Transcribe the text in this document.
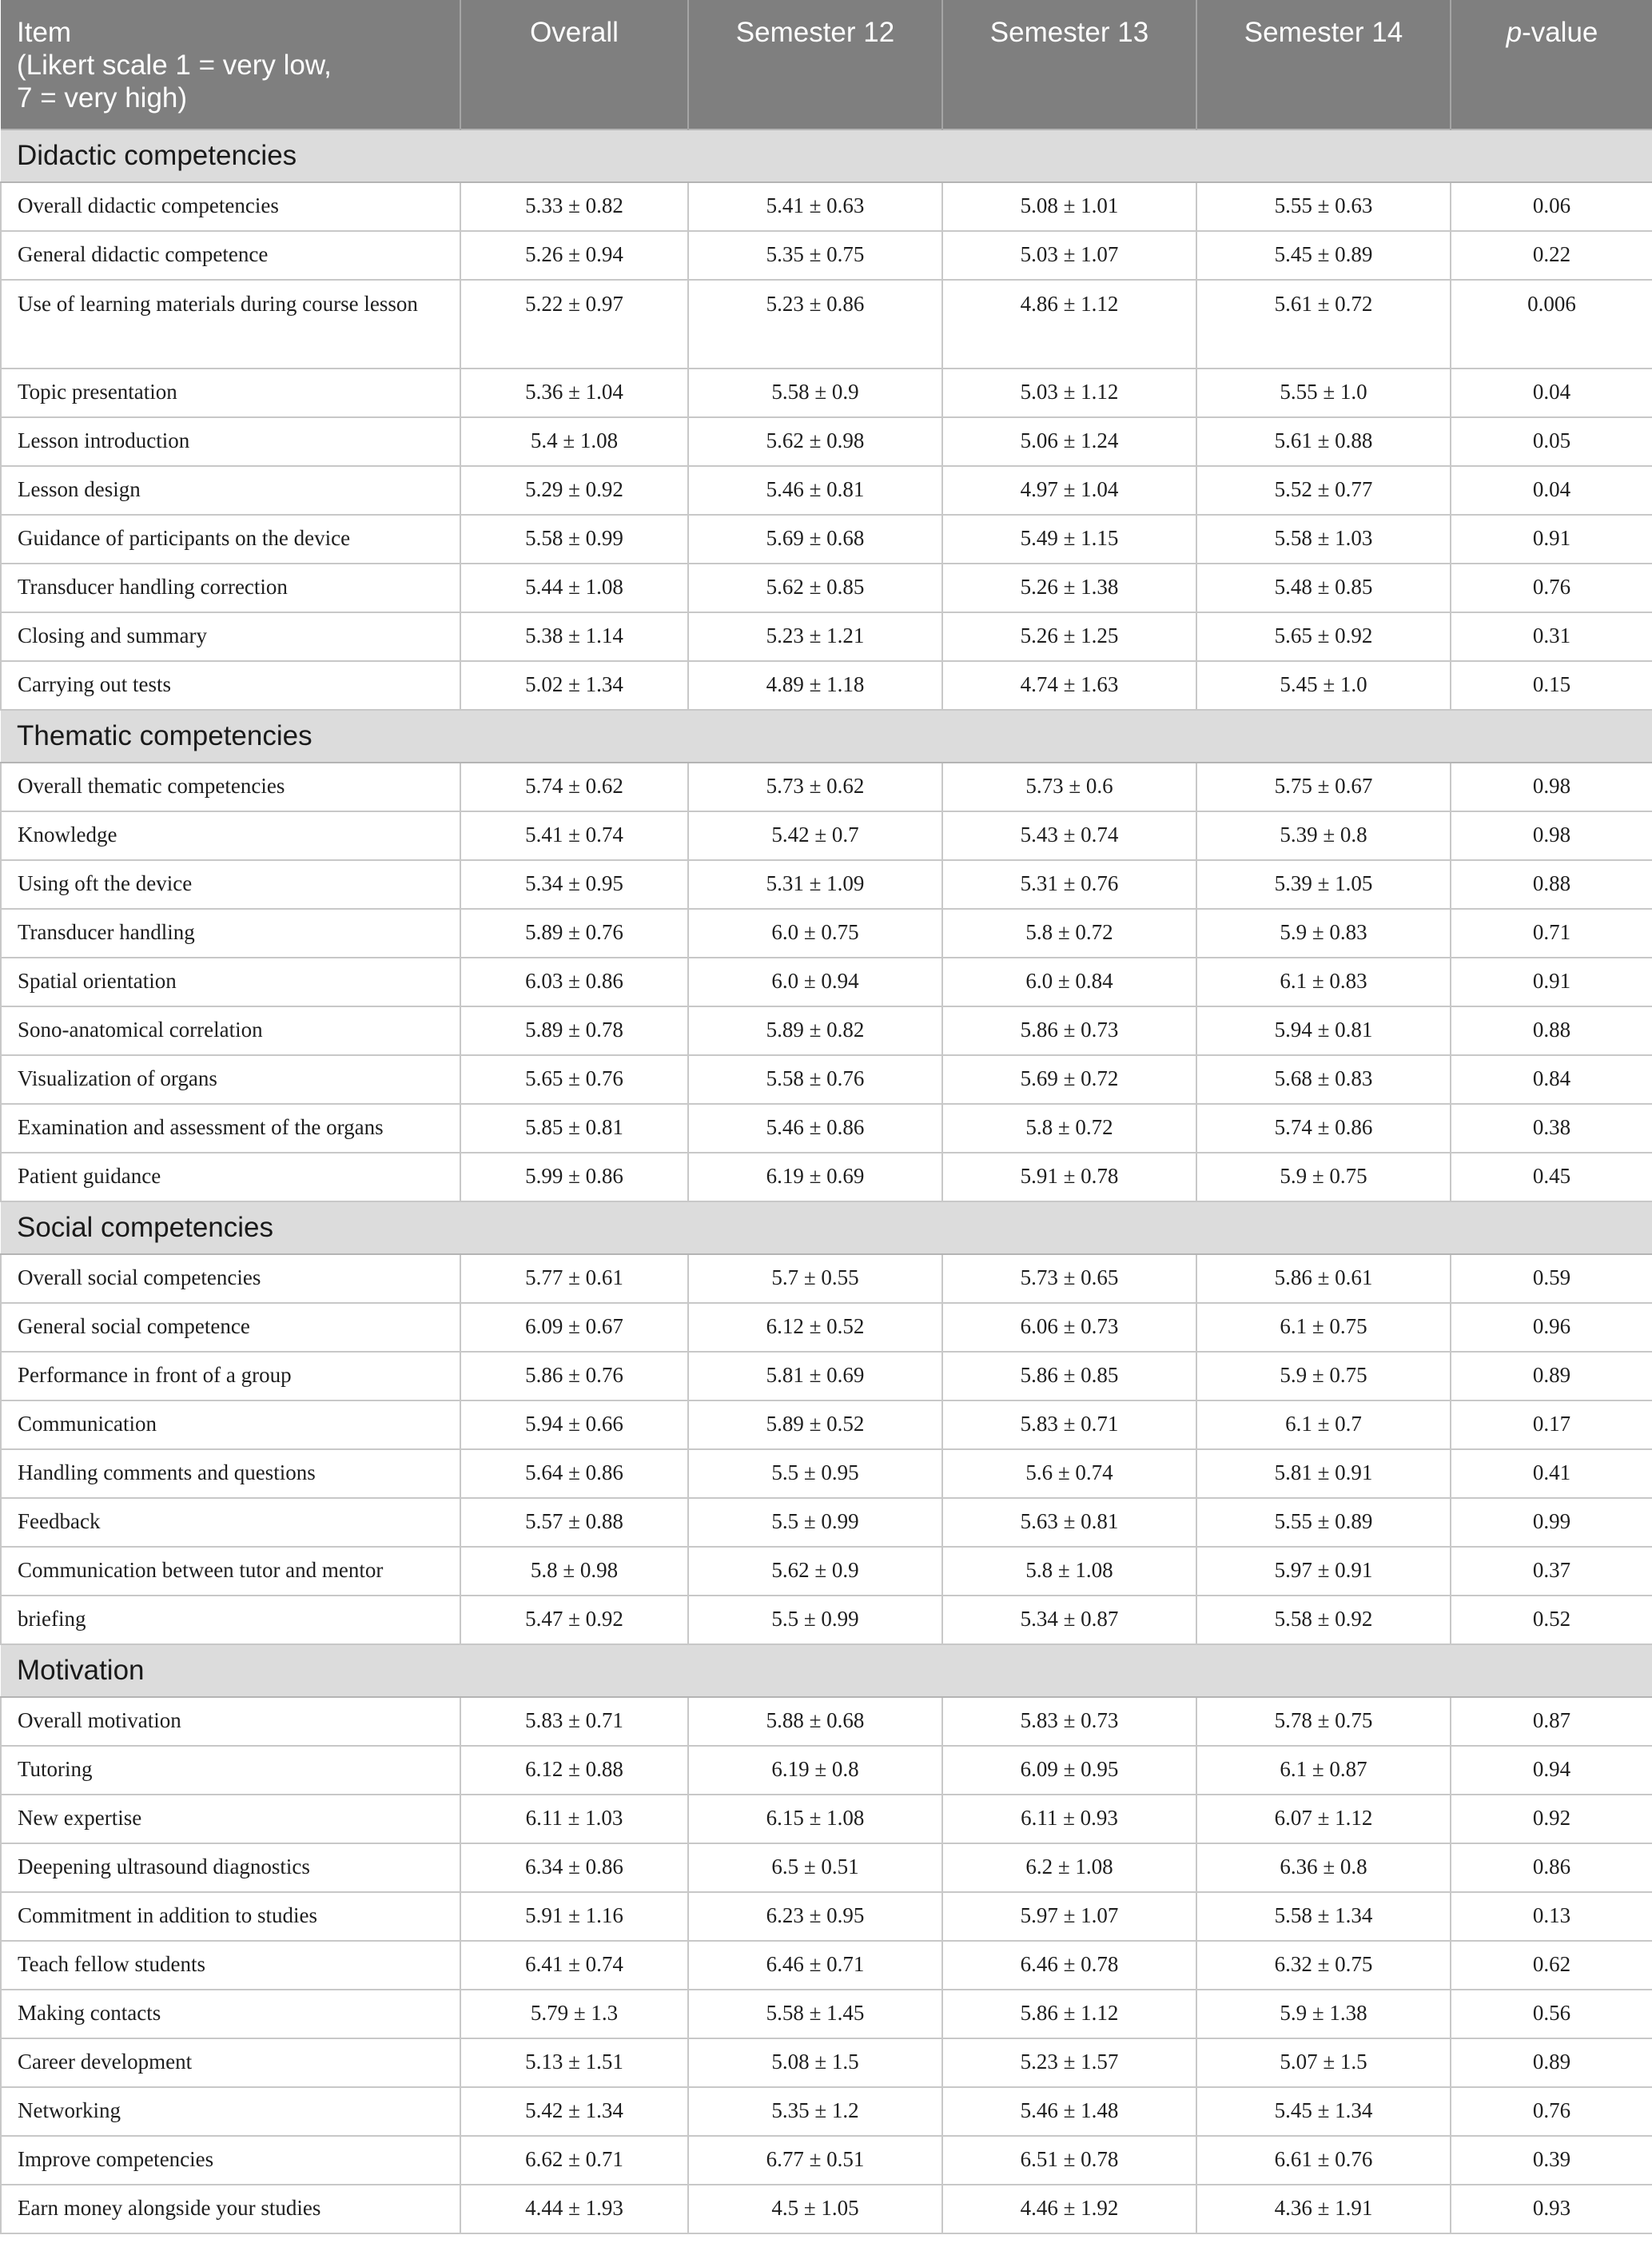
Item
(Likert scale 1 = very low,
7 = very high)	Overall	Semester 12	Semester 13	Semester 14	p-value
Didactic competencies					
Overall didactic competencies	5.33 ± 0.82	5.41 ± 0.63	5.08 ± 1.01	5.55 ± 0.63	0.06
General didactic competence	5.26 ± 0.94	5.35 ± 0.75	5.03 ± 1.07	5.45 ± 0.89	0.22
Use of learning materials during course lesson	5.22 ± 0.97	5.23 ± 0.86	4.86 ± 1.12	5.61 ± 0.72	0.006
Topic presentation	5.36 ± 1.04	5.58 ± 0.9	5.03 ± 1.12	5.55 ± 1.0	0.04
Lesson introduction	5.4 ± 1.08	5.62 ± 0.98	5.06 ± 1.24	5.61 ± 0.88	0.05
Lesson design	5.29 ± 0.92	5.46 ± 0.81	4.97 ± 1.04	5.52 ± 0.77	0.04
Guidance of participants on the device	5.58 ± 0.99	5.69 ± 0.68	5.49 ± 1.15	5.58 ± 1.03	0.91
Transducer handling correction	5.44 ± 1.08	5.62 ± 0.85	5.26 ± 1.38	5.48 ± 0.85	0.76
Closing and summary	5.38 ± 1.14	5.23 ± 1.21	5.26 ± 1.25	5.65 ± 0.92	0.31
Carrying out tests	5.02 ± 1.34	4.89 ± 1.18	4.74 ± 1.63	5.45 ± 1.0	0.15
Thematic competencies					
Overall thematic competencies	5.74 ± 0.62	5.73 ± 0.62	5.73 ± 0.6	5.75 ± 0.67	0.98
Knowledge	5.41 ± 0.74	5.42 ± 0.7	5.43 ± 0.74	5.39 ± 0.8	0.98
Using oft the device	5.34 ± 0.95	5.31 ± 1.09	5.31 ± 0.76	5.39 ± 1.05	0.88
Transducer handling	5.89 ± 0.76	6.0 ± 0.75	5.8 ± 0.72	5.9 ± 0.83	0.71
Spatial orientation	6.03 ± 0.86	6.0 ± 0.94	6.0 ± 0.84	6.1 ± 0.83	0.91
Sono-anatomical correlation	5.89 ± 0.78	5.89 ± 0.82	5.86 ± 0.73	5.94 ± 0.81	0.88
Visualization of organs	5.65 ± 0.76	5.58 ± 0.76	5.69 ± 0.72	5.68 ± 0.83	0.84
Examination and assessment of the organs	5.85 ± 0.81	5.46 ± 0.86	5.8 ± 0.72	5.74 ± 0.86	0.38
Patient guidance	5.99 ± 0.86	6.19 ± 0.69	5.91 ± 0.78	5.9 ± 0.75	0.45
Social competencies					
Overall social competencies	5.77 ± 0.61	5.7 ± 0.55	5.73 ± 0.65	5.86 ± 0.61	0.59
General social competence	6.09 ± 0.67	6.12 ± 0.52	6.06 ± 0.73	6.1 ± 0.75	0.96
Performance in front of a group	5.86 ± 0.76	5.81 ± 0.69	5.86 ± 0.85	5.9 ± 0.75	0.89
Communication	5.94 ± 0.66	5.89 ± 0.52	5.83 ± 0.71	6.1 ± 0.7	0.17
Handling comments and questions	5.64 ± 0.86	5.5 ± 0.95	5.6 ± 0.74	5.81 ± 0.91	0.41
Feedback	5.57 ± 0.88	5.5 ± 0.99	5.63 ± 0.81	5.55 ± 0.89	0.99
Communication between tutor and mentor	5.8 ± 0.98	5.62 ± 0.9	5.8 ± 1.08	5.97 ± 0.91	0.37
briefing	5.47 ± 0.92	5.5 ± 0.99	5.34 ± 0.87	5.58 ± 0.92	0.52
Motivation					
Overall motivation	5.83 ± 0.71	5.88 ± 0.68	5.83 ± 0.73	5.78 ± 0.75	0.87
Tutoring	6.12 ± 0.88	6.19 ± 0.8	6.09 ± 0.95	6.1 ± 0.87	0.94
New expertise	6.11 ± 1.03	6.15 ± 1.08	6.11 ± 0.93	6.07 ± 1.12	0.92
Deepening ultrasound diagnostics	6.34 ± 0.86	6.5 ± 0.51	6.2 ± 1.08	6.36 ± 0.8	0.86
Commitment in addition to studies	5.91 ± 1.16	6.23 ± 0.95	5.97 ± 1.07	5.58 ± 1.34	0.13
Teach fellow students	6.41 ± 0.74	6.46 ± 0.71	6.46 ± 0.78	6.32 ± 0.75	0.62
Making contacts	5.79 ± 1.3	5.58 ± 1.45	5.86 ± 1.12	5.9 ± 1.38	0.56
Career development	5.13 ± 1.51	5.08 ± 1.5	5.23 ± 1.57	5.07 ± 1.5	0.89
Networking	5.42 ± 1.34	5.35 ± 1.2	5.46 ± 1.48	5.45 ± 1.34	0.76
Improve competencies	6.62 ± 0.71	6.77 ± 0.51	6.51 ± 0.78	6.61 ± 0.76	0.39
Earn money alongside your studies	4.44 ± 1.93	4.5 ± 1.05	4.46 ± 1.92	4.36 ± 1.91	0.93
